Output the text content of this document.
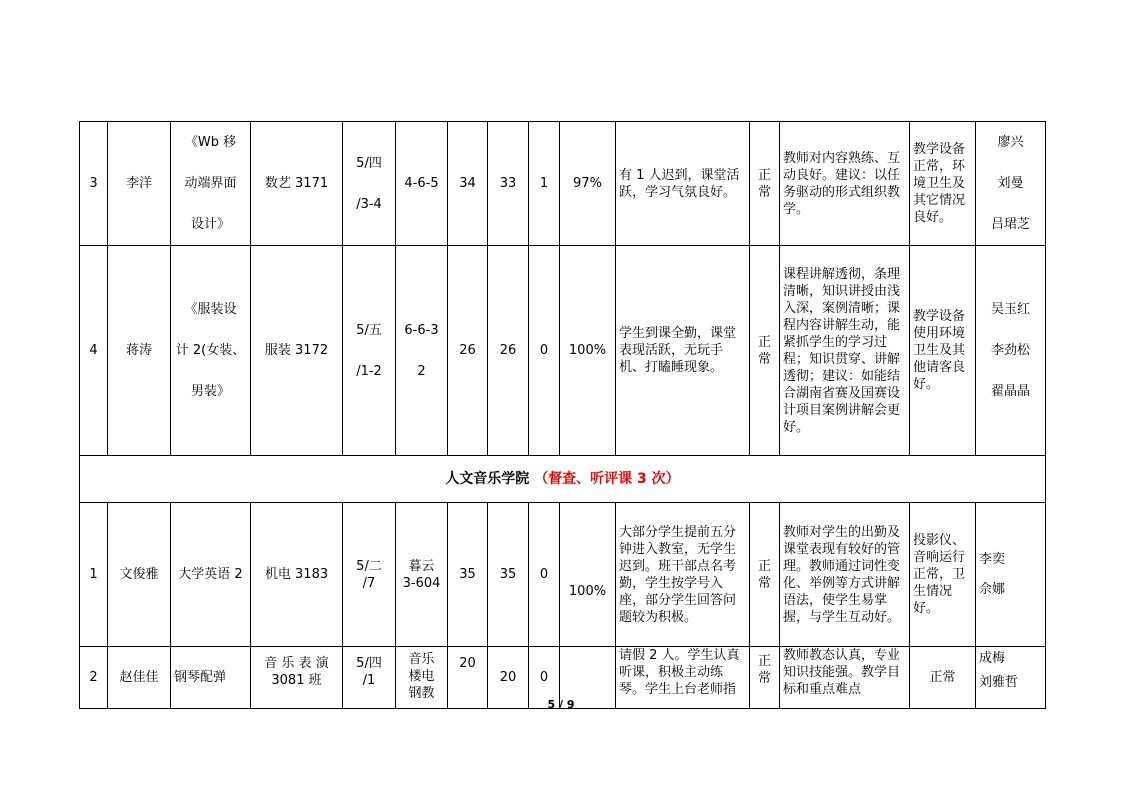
3	李洋	《Wb 移
动端界面
设计》	数艺 3171	5/四
/3-4	4-6-5	34	33	1	97%	有 1 人迟到，课堂活跃，学习气氛良好。	正常	教师对内容熟练、互动良好。建议：以任务驱动的形式组织教学。	教学设备正常，环境卫生及其它情况良好。	廖兴
刘曼
吕珺芝
4	蒋涛	《服装设
计 2(女装、
男装》	服装 3172	5/五
/1-2	6-6-3
2	26	26	0	100%	学生到课全勤，课堂表现活跃，无玩手机、打瞌睡现象。	正常	课程讲解透彻，条理清晰，知识讲授由浅入深，案例清晰；课程内容讲解生动，能紧抓学生的学习过程；知识贯穿、讲解透彻；建议：如能结合湖南省赛及国赛设计项目案例讲解会更好。	教学设备使用环境卫生及其他请客良好。	吴玉红
李劲松
翟晶晶
人文音乐学院 （督查、听评课 3 次）														
1	文俊雅	大学英语 2	机电 3183	5/二
/7	暮云
3-604	35	35	0	100%	大部分学生提前五分钟进入教室，无学生迟到。班干部点名考勤，学生按学号入座，部分学生回答问题较为积极。	正常	教师对学生的出勤及课堂表现有较好的管理。教师通过词性变化、举例等方式讲解语法，使学生易掌握，与学生互动好。	投影仪、音响运行正常，卫生情况好。	李奕
佘娜
2	赵佳佳	钢琴配弹	音 乐 表 演
3081 班	5/四
/1	音乐
楼电
钢教	20	20	0		请假 2 人。学生认真听课，积极主动练琴。学生上台老师指	正常	教师教态认真，专业知识技能强。教学目标和重点难点	正常	成梅
刘雅哲
5 / 9
